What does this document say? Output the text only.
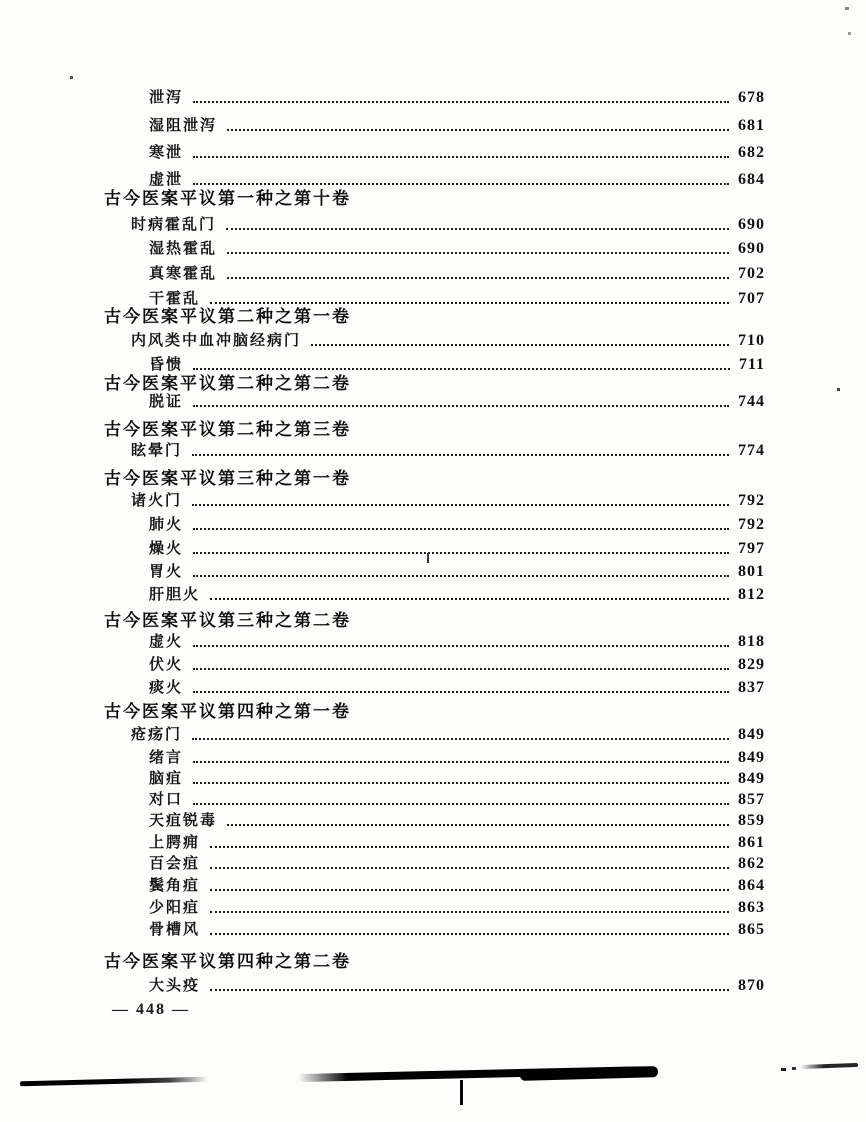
泄泻	678
湿阻泄泻	681
寒泄	682
虚泄	684
古今医案平议第一种之第十卷
时病霍乱门	690
湿热霍乱	690
真寒霍乱	702
干霍乱	707
古今医案平议第二种之第一卷
内风类中血冲脑经病门	710
昏愦	711
古今医案平议第二种之第二卷
脱证	744
古今医案平议第二种之第三卷
眩晕门	774
古今医案平议第三种之第一卷
诸火门	792
肺火	792
燥火	797
胃火	801
肝胆火	812
古今医案平议第三种之第二卷
虚火	818
伏火	829
痰火	837
古今医案平议第四种之第一卷
疮疡门	849
绪言	849
脑疽	849
对口	857
天疽锐毒	859
上腭痈	861
百会疽	862
鬓角疽	864
少阳疽	863
骨槽风	865
古今医案平议第四种之第二卷
大头疫	870
— 448 —
